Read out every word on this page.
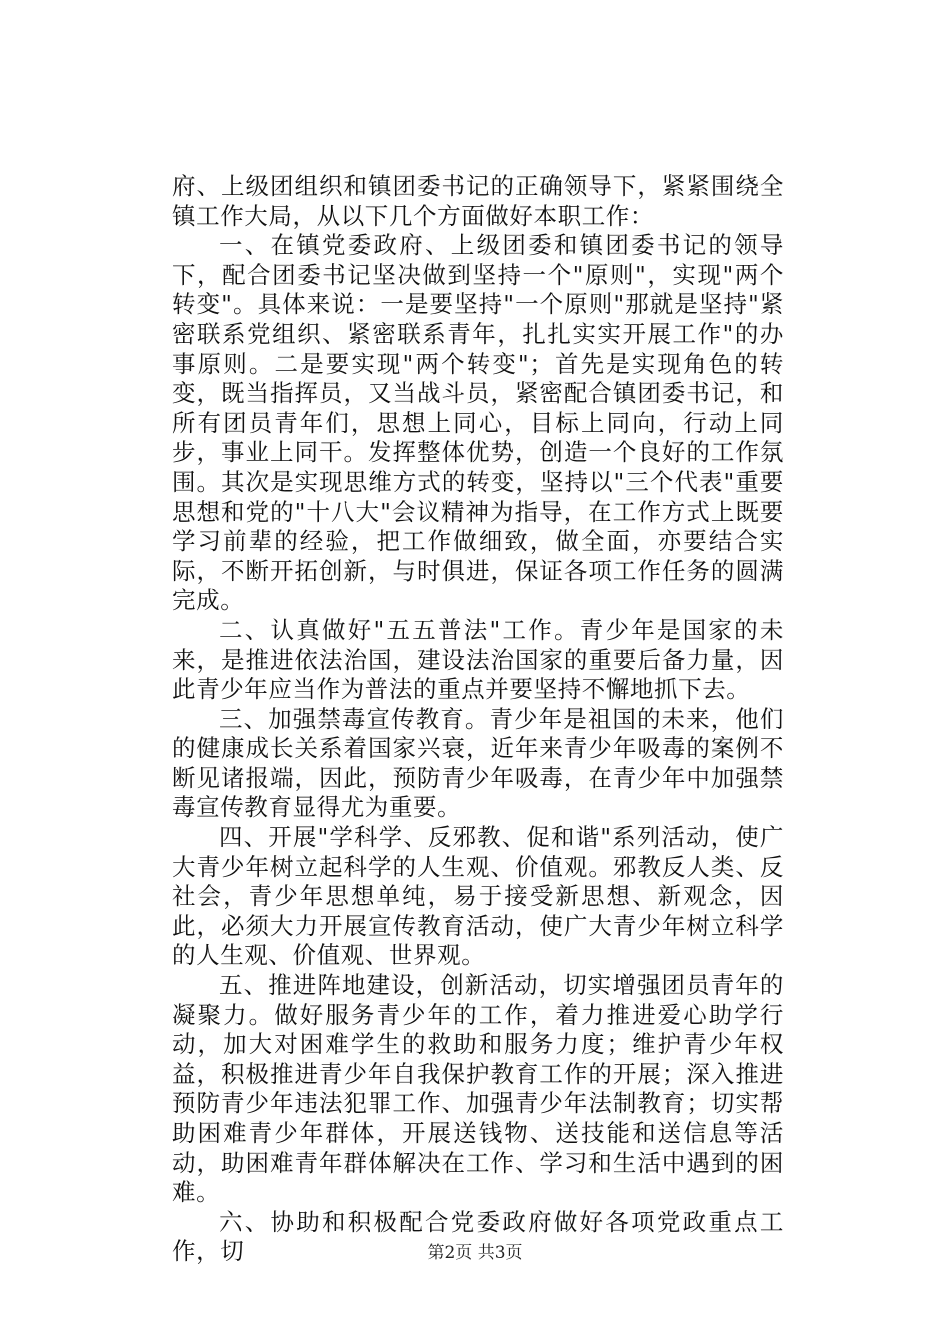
府、上级团组织和镇团委书记的正确领导下，紧紧围绕全镇工作大局，从以下几个方面做好本职工作：

一、在镇党委政府、上级团委和镇团委书记的领导下，配合团委书记坚决做到坚持一个"原则"，实现"两个转变"。具体来说：一是要坚持"一个原则"那就是坚持"紧密联系党组织、紧密联系青年，扎扎实实开展工作"的办事原则。二是要实现"两个转变"；首先是实现角色的转变，既当指挥员，又当战斗员，紧密配合镇团委书记，和所有团员青年们，思想上同心，目标上同向，行动上同步，事业上同干。发挥整体优势，创造一个良好的工作氛围。其次是实现思维方式的转变，坚持以"三个代表"重要思想和党的"十八大"会议精神为指导，在工作方式上既要学习前辈的经验，把工作做细致，做全面，亦要结合实际，不断开拓创新，与时俱进，保证各项工作任务的圆满完成。

二、认真做好"五五普法"工作。青少年是国家的未来，是推进依法治国，建设法治国家的重要后备力量，因此青少年应当作为普法的重点并要坚持不懈地抓下去。

三、加强禁毒宣传教育。青少年是祖国的未来，他们的健康成长关系着国家兴衰，近年来青少年吸毒的案例不断见诸报端，因此，预防青少年吸毒，在青少年中加强禁毒宣传教育显得尤为重要。

四、开展"学科学、反邪教、促和谐"系列活动，使广大青少年树立起科学的人生观、价值观。邪教反人类、反社会，青少年思想单纯，易于接受新思想、新观念，因此，必须大力开展宣传教育活动，使广大青少年树立科学的人生观、价值观、世界观。

五、推进阵地建设，创新活动，切实增强团员青年的凝聚力。做好服务青少年的工作，着力推进爱心助学行动，加大对困难学生的救助和服务力度；维护青少年权益，积极推进青少年自我保护教育工作的开展；深入推进预防青少年违法犯罪工作、加强青少年法制教育；切实帮助困难青少年群体，开展送钱物、送技能和送信息等活动，助困难青年群体解决在工作、学习和生活中遇到的困难。

六、协助和积极配合党委政府做好各项党政重点工作，切	第2页 共3页
